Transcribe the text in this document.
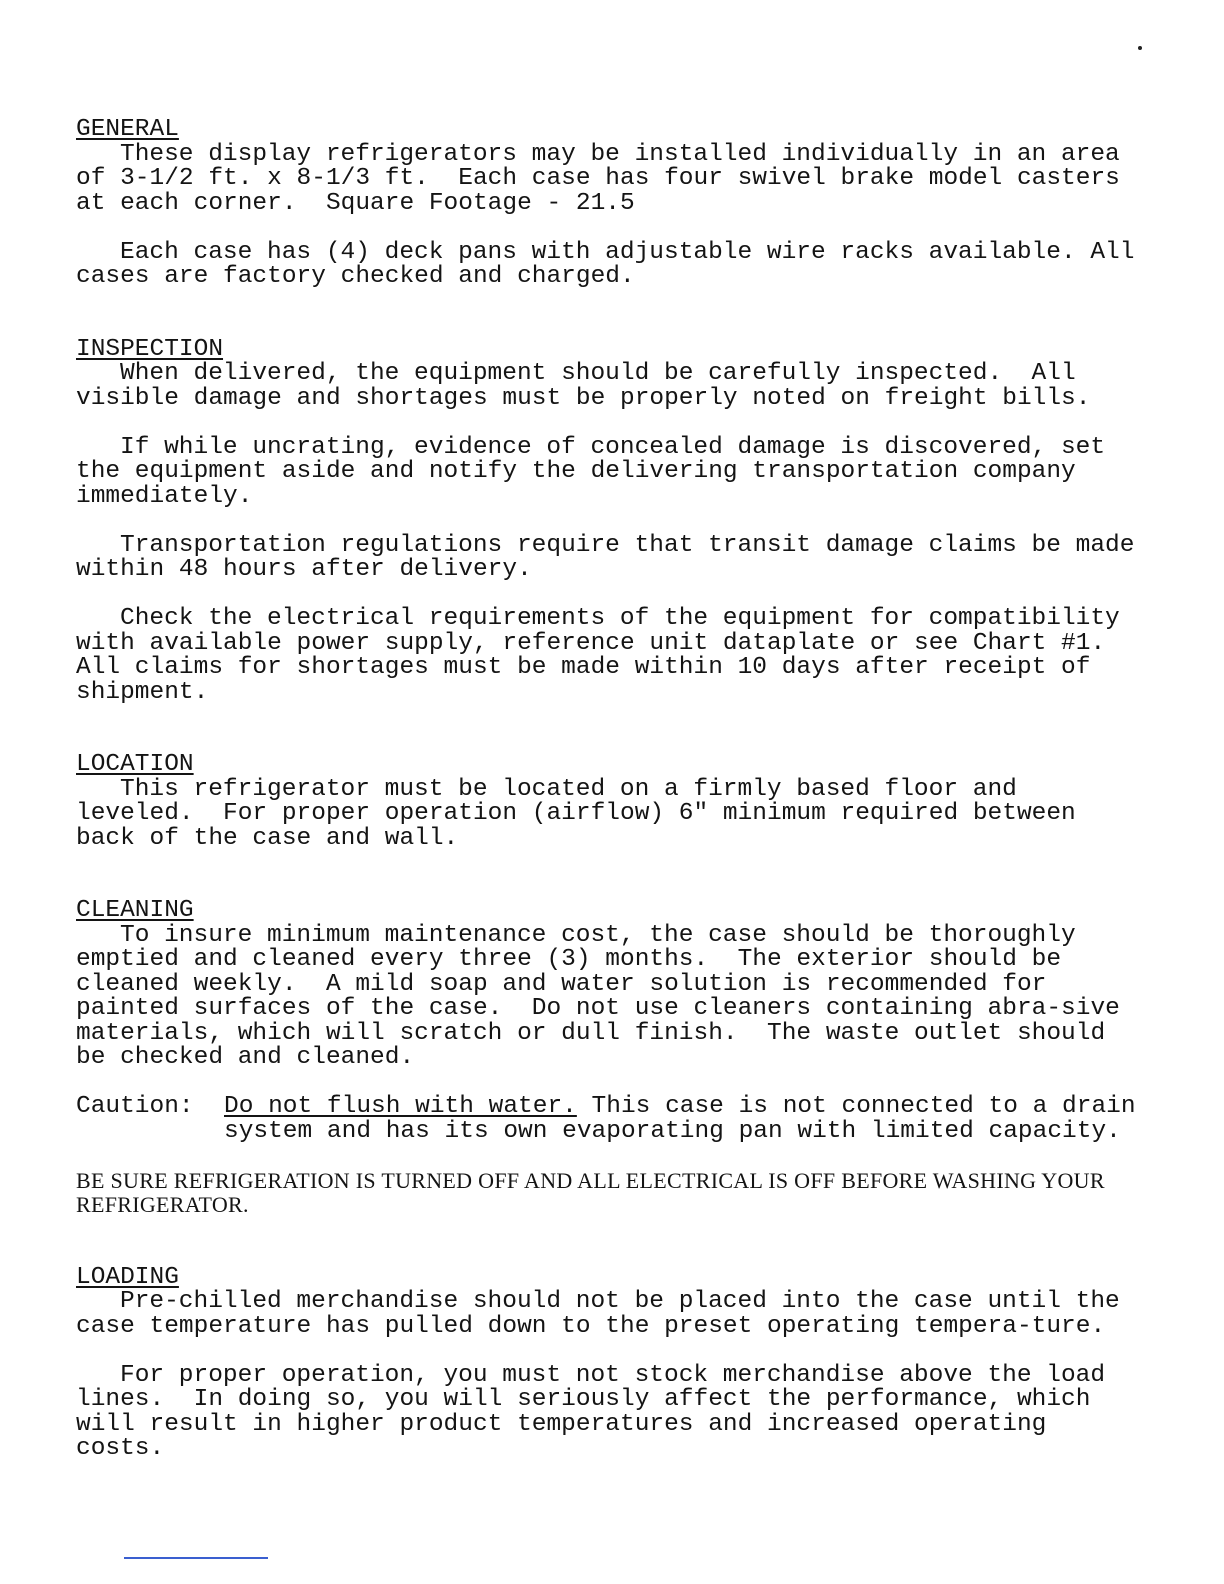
GENERAL

These display refrigerators may be installed individually in an area of 3-1/2 ft. x 8-1/3 ft.  Each case has four swivel brake model casters at each corner.  Square Footage - 21.5

Each case has (4) deck pans with adjustable wire racks available. All cases are factory checked and charged.

INSPECTION

When delivered, the equipment should be carefully inspected.  All visible damage and shortages must be properly noted on freight bills.

If while uncrating, evidence of concealed damage is discovered, set the equipment aside and notify the delivering transportation company immediately.

Transportation regulations require that transit damage claims be made within 48 hours after delivery.

Check the electrical requirements of the equipment for compatibility with available power supply, reference unit dataplate or see Chart #1.  All claims for shortages must be made within 10 days after receipt of shipment.

LOCATION

This refrigerator must be located on a firmly based floor and leveled.  For proper operation (airflow) 6" minimum required between back of the case and wall.

CLEANING

To insure minimum maintenance cost, the case should be thoroughly emptied and cleaned every three (3) months.  The exterior should be cleaned weekly.  A mild soap and water solution is recommended for painted surfaces of the case.  Do not use cleaners containing abra-sive materials, which will scratch or dull finish.  The waste outlet should be checked and cleaned.

Caution:	Do not flush with water. This case is not connected to a drain system and has its own evaporating pan with limited capacity.

BE SURE REFRIGERATION IS TURNED OFF AND ALL ELECTRICAL IS OFF BEFORE WASHING YOUR REFRIGERATOR.

LOADING

Pre-chilled merchandise should not be placed into the case until the case temperature has pulled down to the preset operating tempera-ture.

For proper operation, you must not stock merchandise above the load lines.  In doing so, you will seriously affect the performance, which will result in higher product temperatures and increased operating costs.
